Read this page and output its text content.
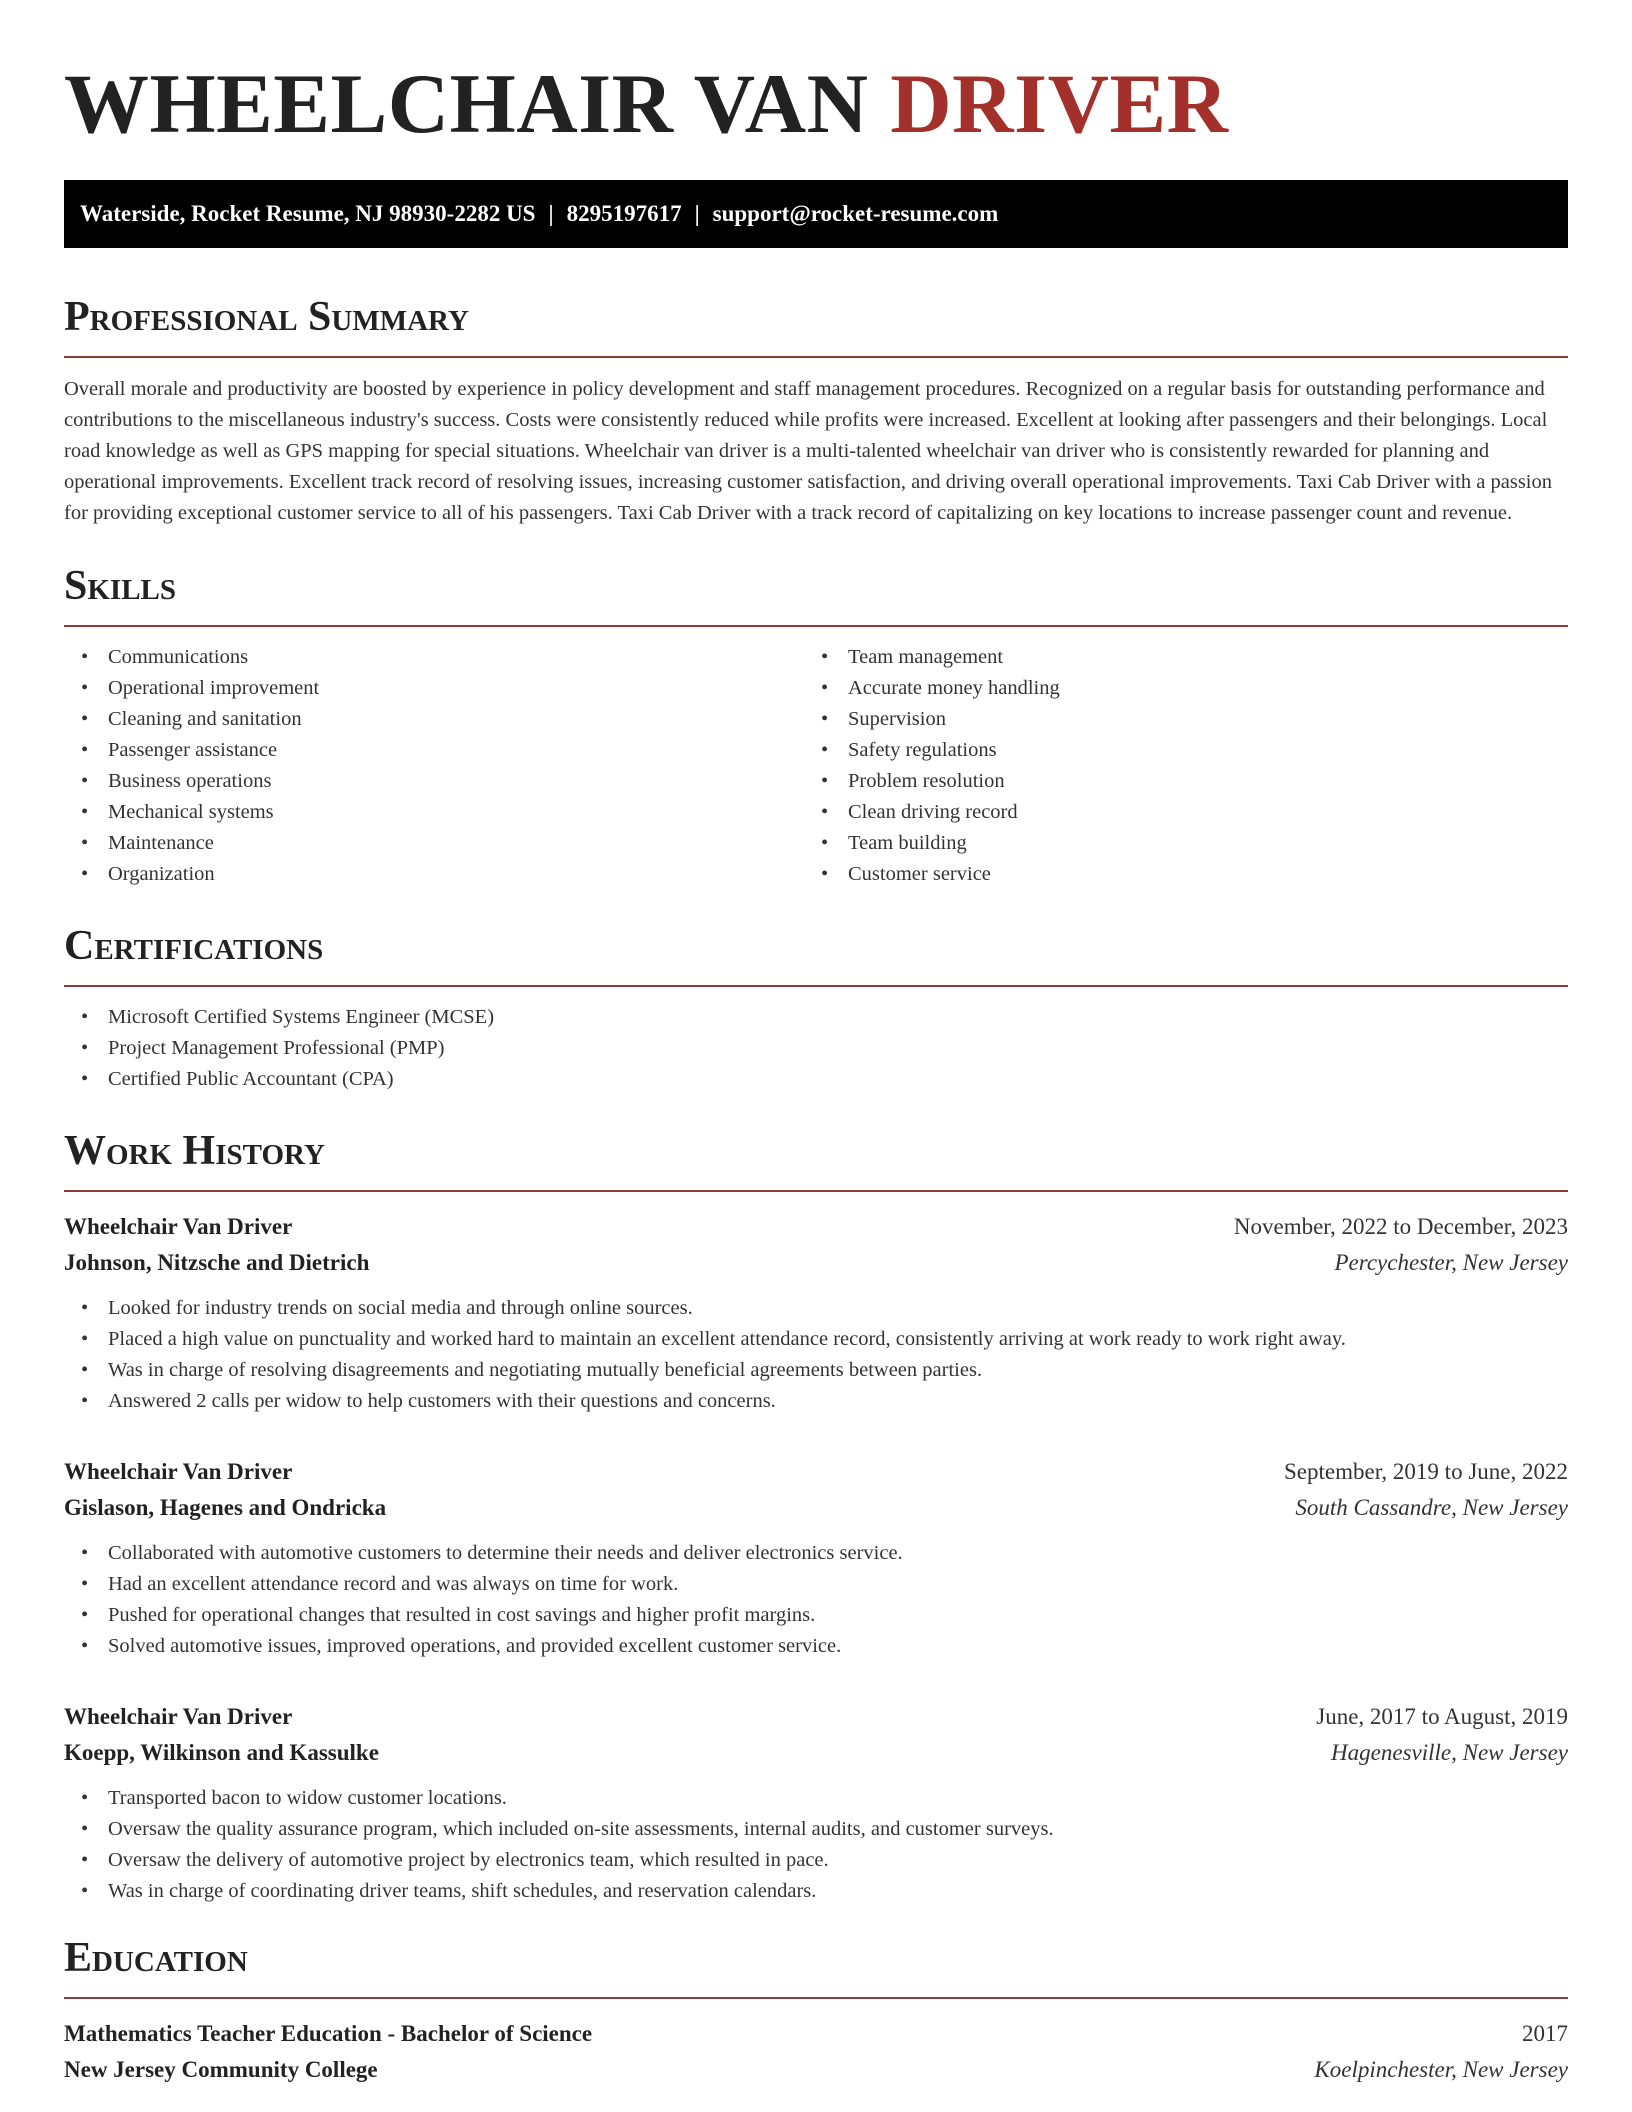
WHEELCHAIR VAN DRIVER
Waterside, Rocket Resume, NJ 98930-2282 US | 8295197617 | support@rocket-resume.com
Professional Summary

Overall morale and productivity are boosted by experience in policy development and staff management procedures. Recognized on a regular basis for outstanding performance and contributions to the miscellaneous industry's success. Costs were consistently reduced while profits were increased. Excellent at looking after passengers and their belongings. Local road knowledge as well as GPS mapping for special situations. Wheelchair van driver is a multi-talented wheelchair van driver who is consistently rewarded for planning and operational improvements. Excellent track record of resolving issues, increasing customer satisfaction, and driving overall operational improvements. Taxi Cab Driver with a passion for providing exceptional customer service to all of his passengers. Taxi Cab Driver with a track record of capitalizing on key locations to increase passenger count and revenue.

Skills
• Communications
• Operational improvement
• Cleaning and sanitation
• Passenger assistance
• Business operations
• Mechanical systems
• Maintenance
• Organization
• Team management
• Accurate money handling
• Supervision
• Safety regulations
• Problem resolution
• Clean driving record
• Team building
• Customer service
Certifications
• Microsoft Certified Systems Engineer (MCSE)
• Project Management Professional (PMP)
• Certified Public Accountant (CPA)
Work History
Wheelchair Van Driver	November, 2022 to December, 2023
Johnson, Nitzsche and Dietrich	Percychester, New Jersey
• Looked for industry trends on social media and through online sources.
• Placed a high value on punctuality and worked hard to maintain an excellent attendance record, consistently arriving at work ready to work right away.
• Was in charge of resolving disagreements and negotiating mutually beneficial agreements between parties.
• Answered 2 calls per widow to help customers with their questions and concerns.
Wheelchair Van Driver	September, 2019 to June, 2022
Gislason, Hagenes and Ondricka	South Cassandre, New Jersey
• Collaborated with automotive customers to determine their needs and deliver electronics service.
• Had an excellent attendance record and was always on time for work.
• Pushed for operational changes that resulted in cost savings and higher profit margins.
• Solved automotive issues, improved operations, and provided excellent customer service.
Wheelchair Van Driver	June, 2017 to August, 2019
Koepp, Wilkinson and Kassulke	Hagenesville, New Jersey
• Transported bacon to widow customer locations.
• Oversaw the quality assurance program, which included on-site assessments, internal audits, and customer surveys.
• Oversaw the delivery of automotive project by electronics team, which resulted in pace.
• Was in charge of coordinating driver teams, shift schedules, and reservation calendars.
Education
Mathematics Teacher Education - Bachelor of Science	2017
New Jersey Community College	Koelpinchester, New Jersey
